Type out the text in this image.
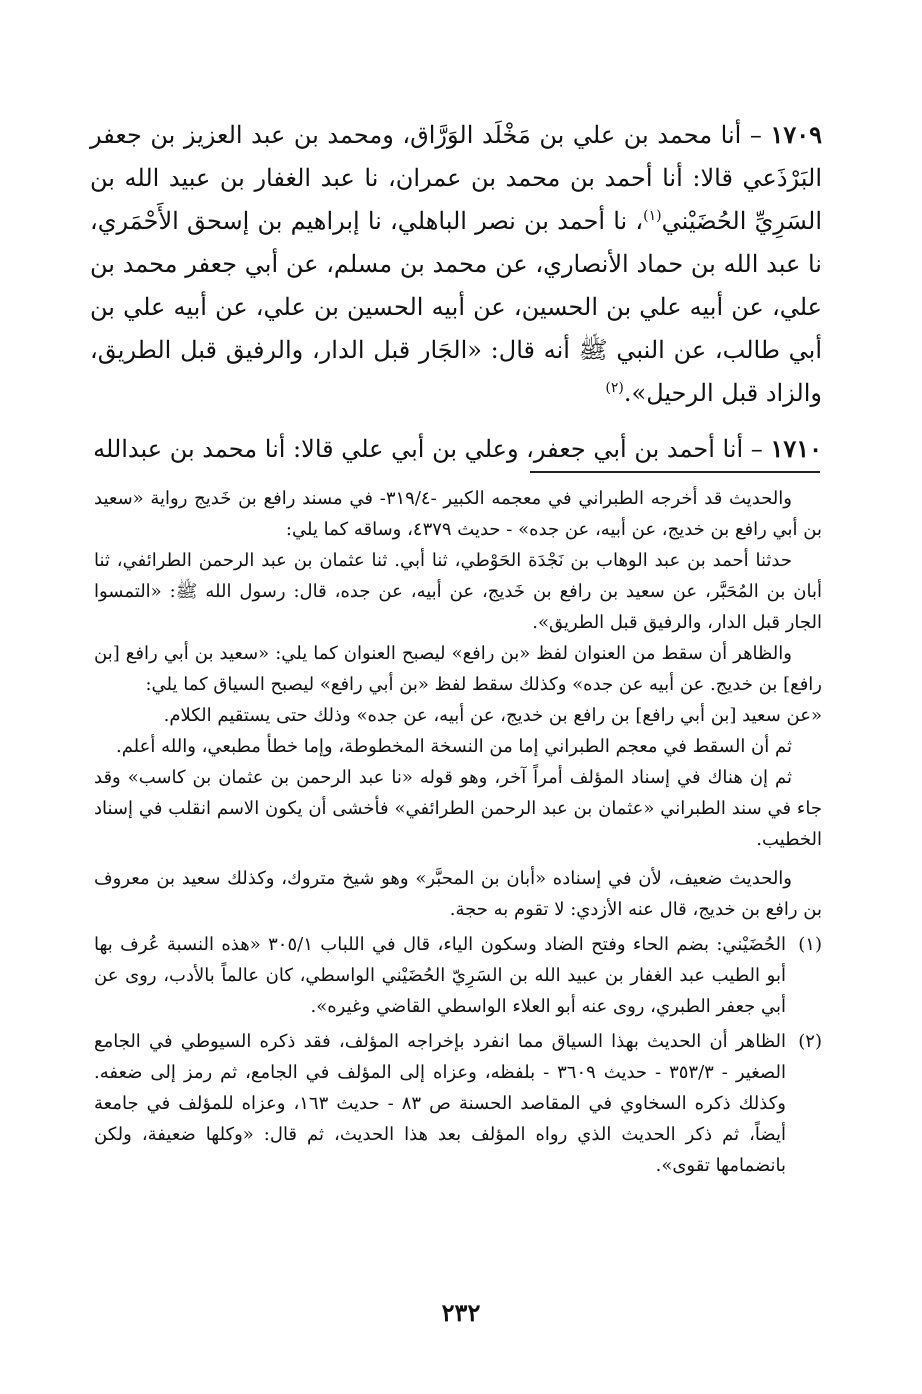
١٧٠٩ – أنا محمد بن علي بن مَخْلَد الوَرَّاق، ومحمد بن عبد العزيز بن جعفر البَرْذَعي قالا: أنا أحمد بن محمد بن عمران، نا عبد الغفار بن عبيد الله بن السَرِيِّ الحُضَيْني$^{(١)}$، نا أحمد بن نصر الباهلي، نا إبراهيم بن إسحق الأَحْمَري، نا عبد الله بن حماد الأنصاري، عن محمد بن مسلم، عن أبي جعفر محمد بن علي، عن أبيه علي بن الحسين، عن أبيه الحسين بن علي، عن أبيه علي بن أبي طالب، عن النبي ﷺ أنه قال: «الجَار قبل الدار، والرفيق قبل الطريق، والزاد قبل الرحيل».$^{(٢)}$

١٧١٠ – أنا أحمد بن أبي جعفر، وعلي بن أبي علي قالا: أنا محمد بن عبدالله

والحديث قد أخرجه الطبراني في معجمه الكبير -٣١٩/٤- في مسند رافع بن خَديج رواية «سعيد بن أبي رافع بن خديج، عن أبيه، عن جده» - حديث ٤٣٧٩، وساقه كما يلي:

حدثنا أحمد بن عبد الوهاب بن نَجْدَة الحَوْطي، ثنا أبي. ثنا عثمان بن عبد الرحمن الطرائفي، ثنا أبان بن المُحَبَّر، عن سعيد بن رافع بن خَديج، عن أبيه، عن جده، قال: رسول الله ﷺ: «التمسوا الجار قبل الدار، والرفيق قبل الطريق».

والظاهر أن سقط من العنوان لفظ «بن رافع» ليصبح العنوان كما يلي: «سعيد بن أبي رافع [بن رافع] بن خديج. عن أبيه عن جده» وكذلك سقط لفظ «بن أبي رافع» ليصبح السياق كما يلي:

«عن سعيد [بن أبي رافع] بن رافع بن خديج، عن أبيه، عن جده» وذلك حتى يستقيم الكلام.

ثم أن السقط في معجم الطبراني إما من النسخة المخطوطة، وإما خطأ مطبعي، والله أعلم.

ثم إن هناك في إسناد المؤلف أمراً آخر، وهو قوله «نا عبد الرحمن بن عثمان بن كاسب» وقد جاء في سند الطبراني «عثمان بن عبد الرحمن الطرائفي» فأخشى أن يكون الاسم انقلب في إسناد الخطيب.

والحديث ضعيف، لأن في إسناده «أبان بن المحبَّر» وهو شيخ متروك، وكذلك سعيد بن معروف بن رافع بن خديج، قال عنه الأزدي: لا تقوم به حجة.

(١)
الحُضَيْني: بضم الحاء وفتح الضاد وسكون الياء، قال في اللباب ٣٠٥/١ «هذه النسبة عُرف بها أبو الطيب عبد الغفار بن عبيد الله بن السَرِيّ الحُضَيْني الواسطي، كان عالماً بالأدب، روى عن أبي جعفر الطبري، روى عنه أبو العلاء الواسطي القاضي وغيره».
(٢)
الظاهر أن الحديث بهذا السياق مما انفرد بإخراجه المؤلف، فقد ذكره السيوطي في الجامع الصغير - ٣٥٣/٣ - حديث ٣٦٠٩ - بلفظه، وعزاه إلى المؤلف في الجامع، ثم رمز إلى ضعفه. وكذلك ذكره السخاوي في المقاصد الحسنة ص ٨٣ - حديث ١٦٣، وعزاه للمؤلف في جامعة أيضاً، ثم ذكر الحديث الذي رواه المؤلف بعد هذا الحديث، ثم قال: «وكلها ضعيفة، ولكن بانضمامها تقوى».
٢٣٢
